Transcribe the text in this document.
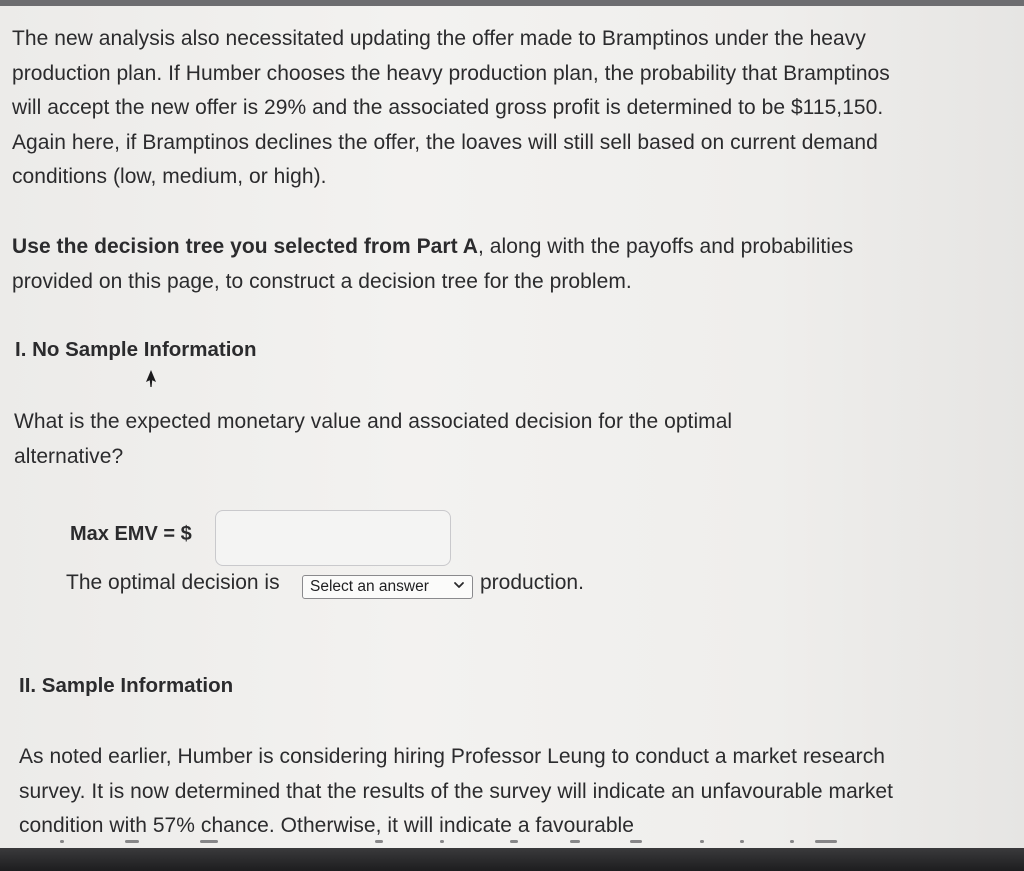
The new analysis also necessitated updating the offer made to Bramptinos under the heavy production plan. If Humber chooses the heavy production plan, the probability that Bramptinos will accept the new offer is 29% and the associated gross profit is determined to be $115,150. Again here, if Bramptinos declines the offer, the loaves will still sell based on current demand conditions (low, medium, or high).

Use the decision tree you selected from Part A, along with the payoffs and probabilities provided on this page, to construct a decision tree for the problem.

I. No Sample Information

What is the expected monetary value and associated decision for the optimal alternative?

Max EMV = $
The optimal decision is Select an answer production.
II. Sample Information

As noted earlier, Humber is considering hiring Professor Leung to conduct a market research survey. It is now determined that the results of the survey will indicate an unfavourable market condition with 57% chance. Otherwise, it will indicate a favourable
